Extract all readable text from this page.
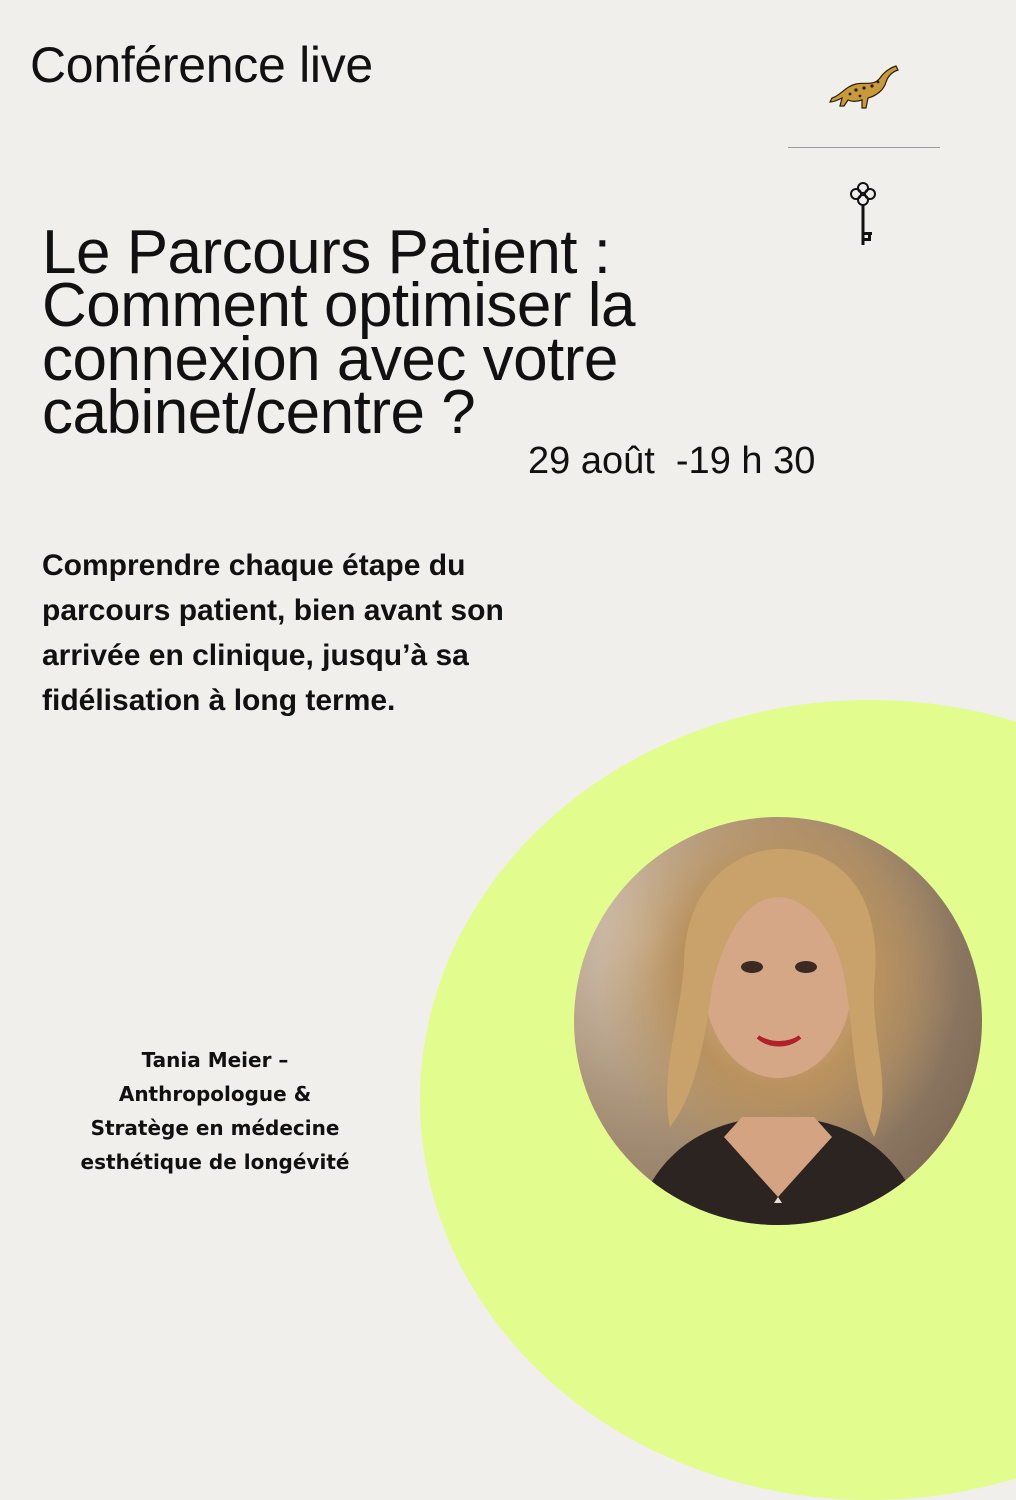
Conférence live
Le Parcours Patient :
Comment optimiser la
connexion avec votre
cabinet/centre ?
29 août  -19 h 30
Comprendre chaque étape du parcours patient, bien avant son arrivée en clinique, jusqu’à sa fidélisation à long terme.
Tania Meier –
Anthropologue &
Stratège en médecine
esthétique de longévité
